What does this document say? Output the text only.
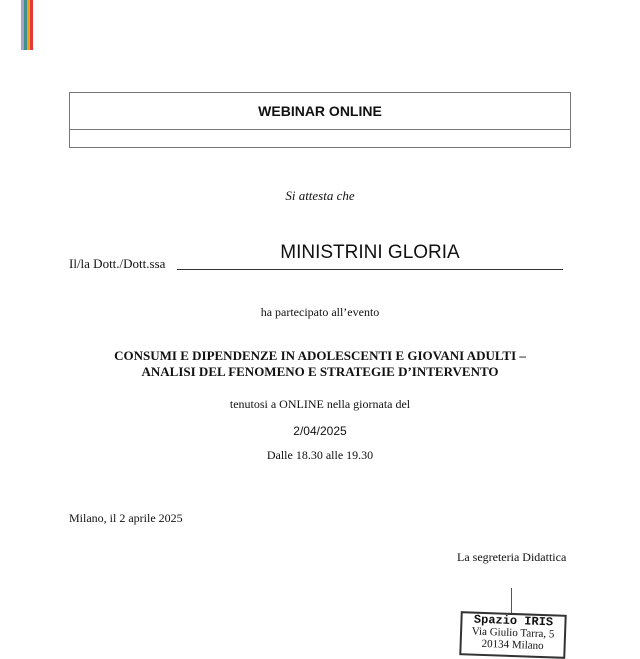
WEBINAR ONLINE
Si attesta che
Il/la Dott./Dott.ssa
MINISTRINI GLORIA
ha partecipato all’evento
CONSUMI E DIPENDENZE IN ADOLESCENTI E GIOVANI ADULTI –
ANALISI DEL FENOMENO E STRATEGIE D’INTERVENTO
tenutosi a ONLINE nella giornata del
2/04/2025
Dalle 18.30 alle 19.30
Milano, il 2 aprile 2025
La segreteria Didattica
Spazio IRIS
Via Giulio Tarra, 5
20134 Milano
